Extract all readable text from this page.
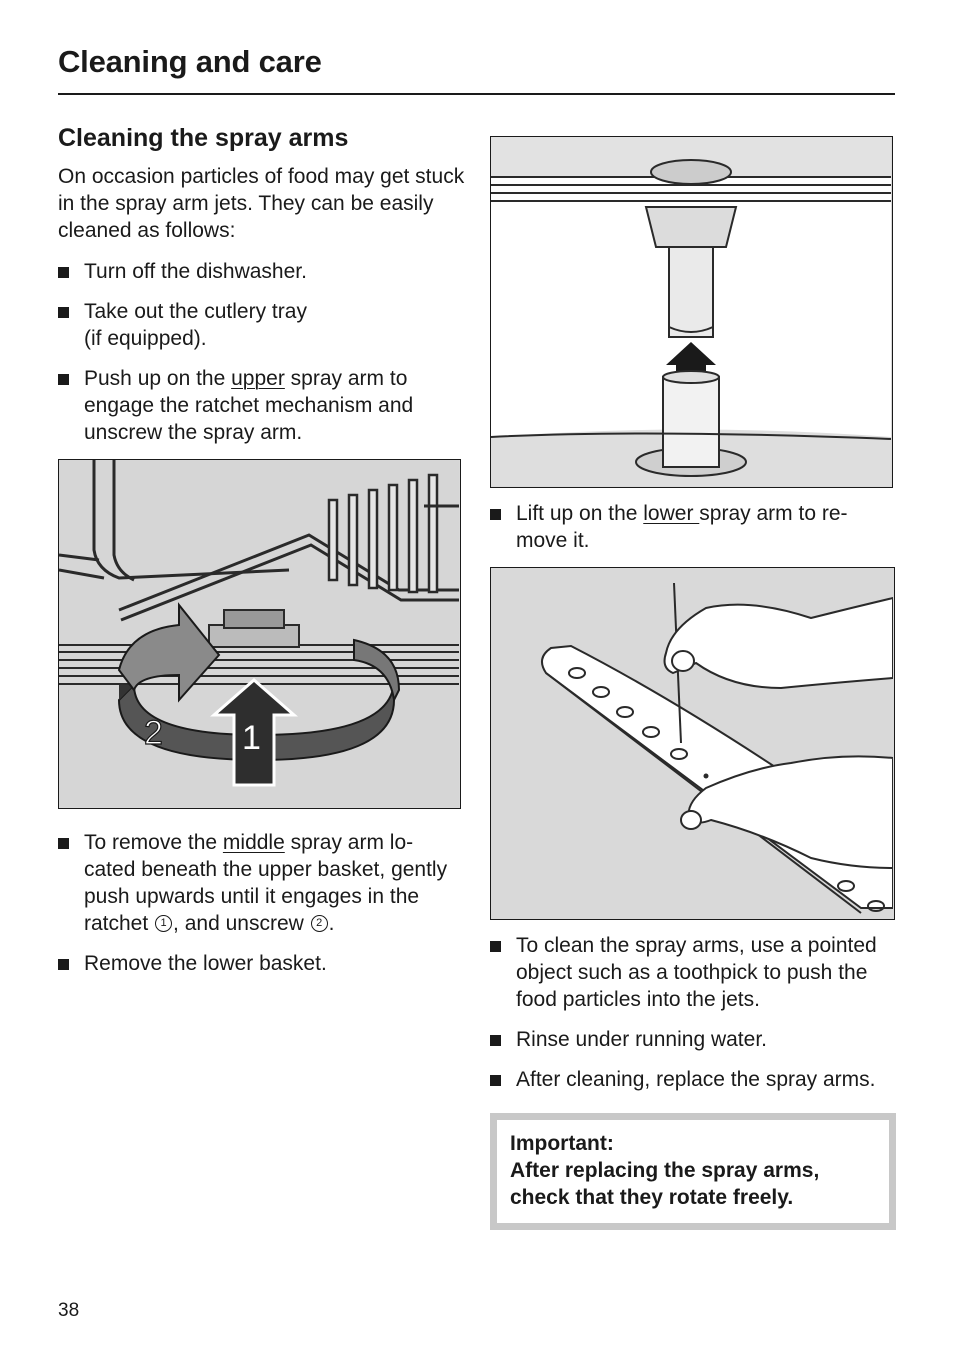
Cleaning and care
Cleaning the spray arms

On occasion particles of food may get stuck in the spray arm jets. They can be easily cleaned as follows:

Turn off the dishwasher.
Take out the cutlery tray
(if equipped).
Push up on the upper spray arm to engage the ratchet mechanism and unscrew the spray arm.
2 1
To remove the middle spray arm lo- cated beneath the upper basket, gently push upwards until it engages in the ratchet 1 , and unscrew 2 .
Remove the lower basket.
Lift up on the lower spray arm to re- move it.
To clean the spray arms, use a pointed object such as a toothpick to push the food particles into the jets.
Rinse under running water.
After cleaning, replace the spray arms.
Important:
After replacing the spray arms, check that they rotate freely.
38
